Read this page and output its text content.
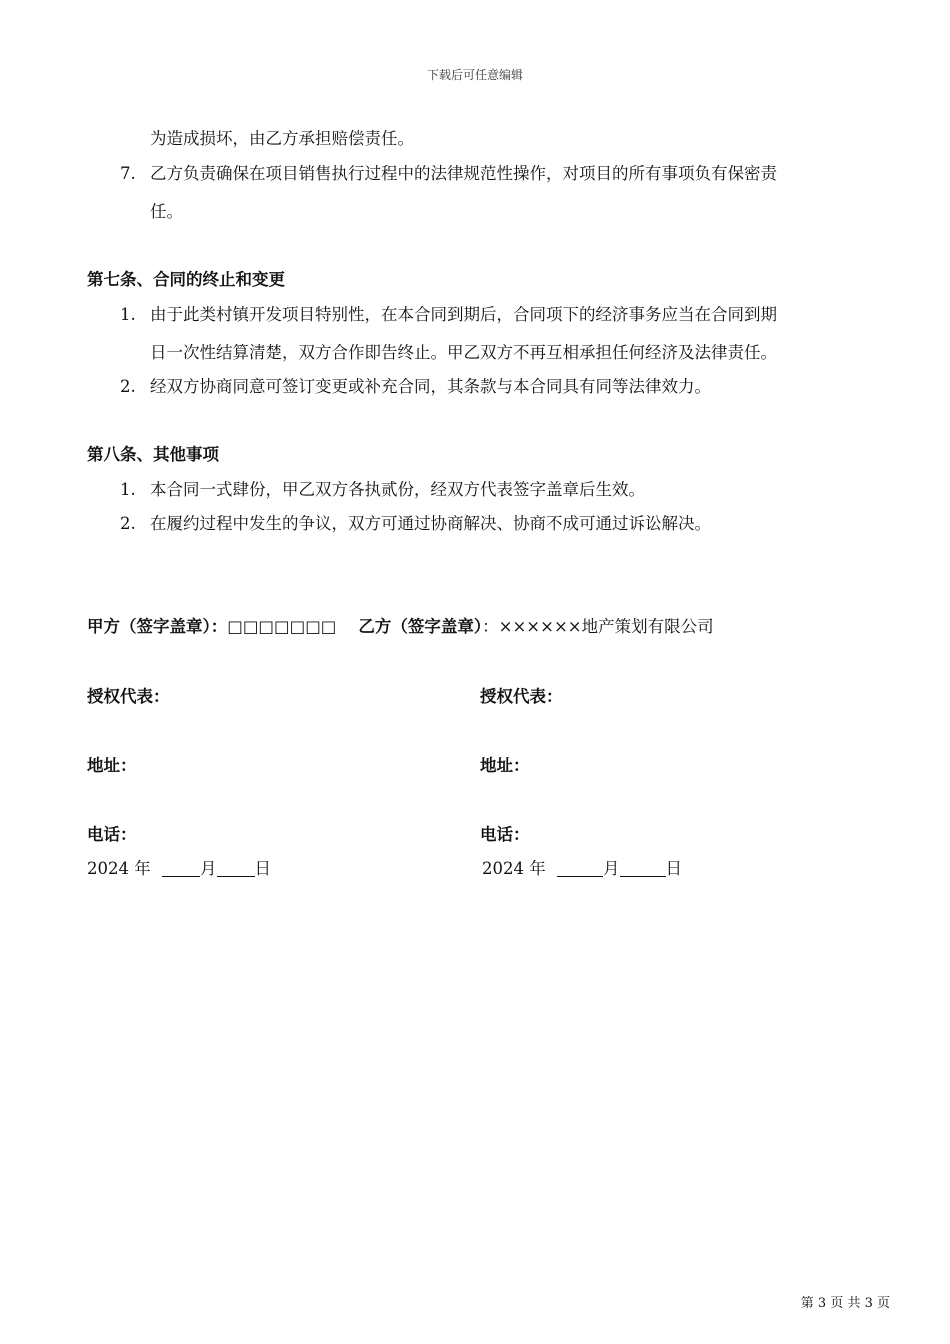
下载后可任意编辑
为造成损坏，由乙方承担赔偿责任。
7. 乙方负责确保在项目销售执行过程中的法律规范性操作，对项目的所有事项负有保密责
任。
第七条、合同的终止和变更
1. 由于此类村镇开发项目特别性，在本合同到期后，合同项下的经济事务应当在合同到期
日一次性结算清楚，双方合作即告终止。甲乙双方不再互相承担任何经济及法律责任。
2. 经双方协商同意可签订变更或补充合同，其条款与本合同具有同等法律效力。
第八条、其他事项
1. 本合同一式肆份，甲乙双方各执贰份，经双方代表签字盖章后生效。
2. 在履约过程中发生的争议，双方可通过协商解决、协商不成可通过诉讼解决。
甲方（签字盖章）：□□□□□□□ 乙方（签字盖章）：××××××地产策划有限公司
授权代表：	授权代表：
地址：	地址：
电话：	电话：
2024 年	月 日	2024 年	月	日
第 3 页 共 3 页
